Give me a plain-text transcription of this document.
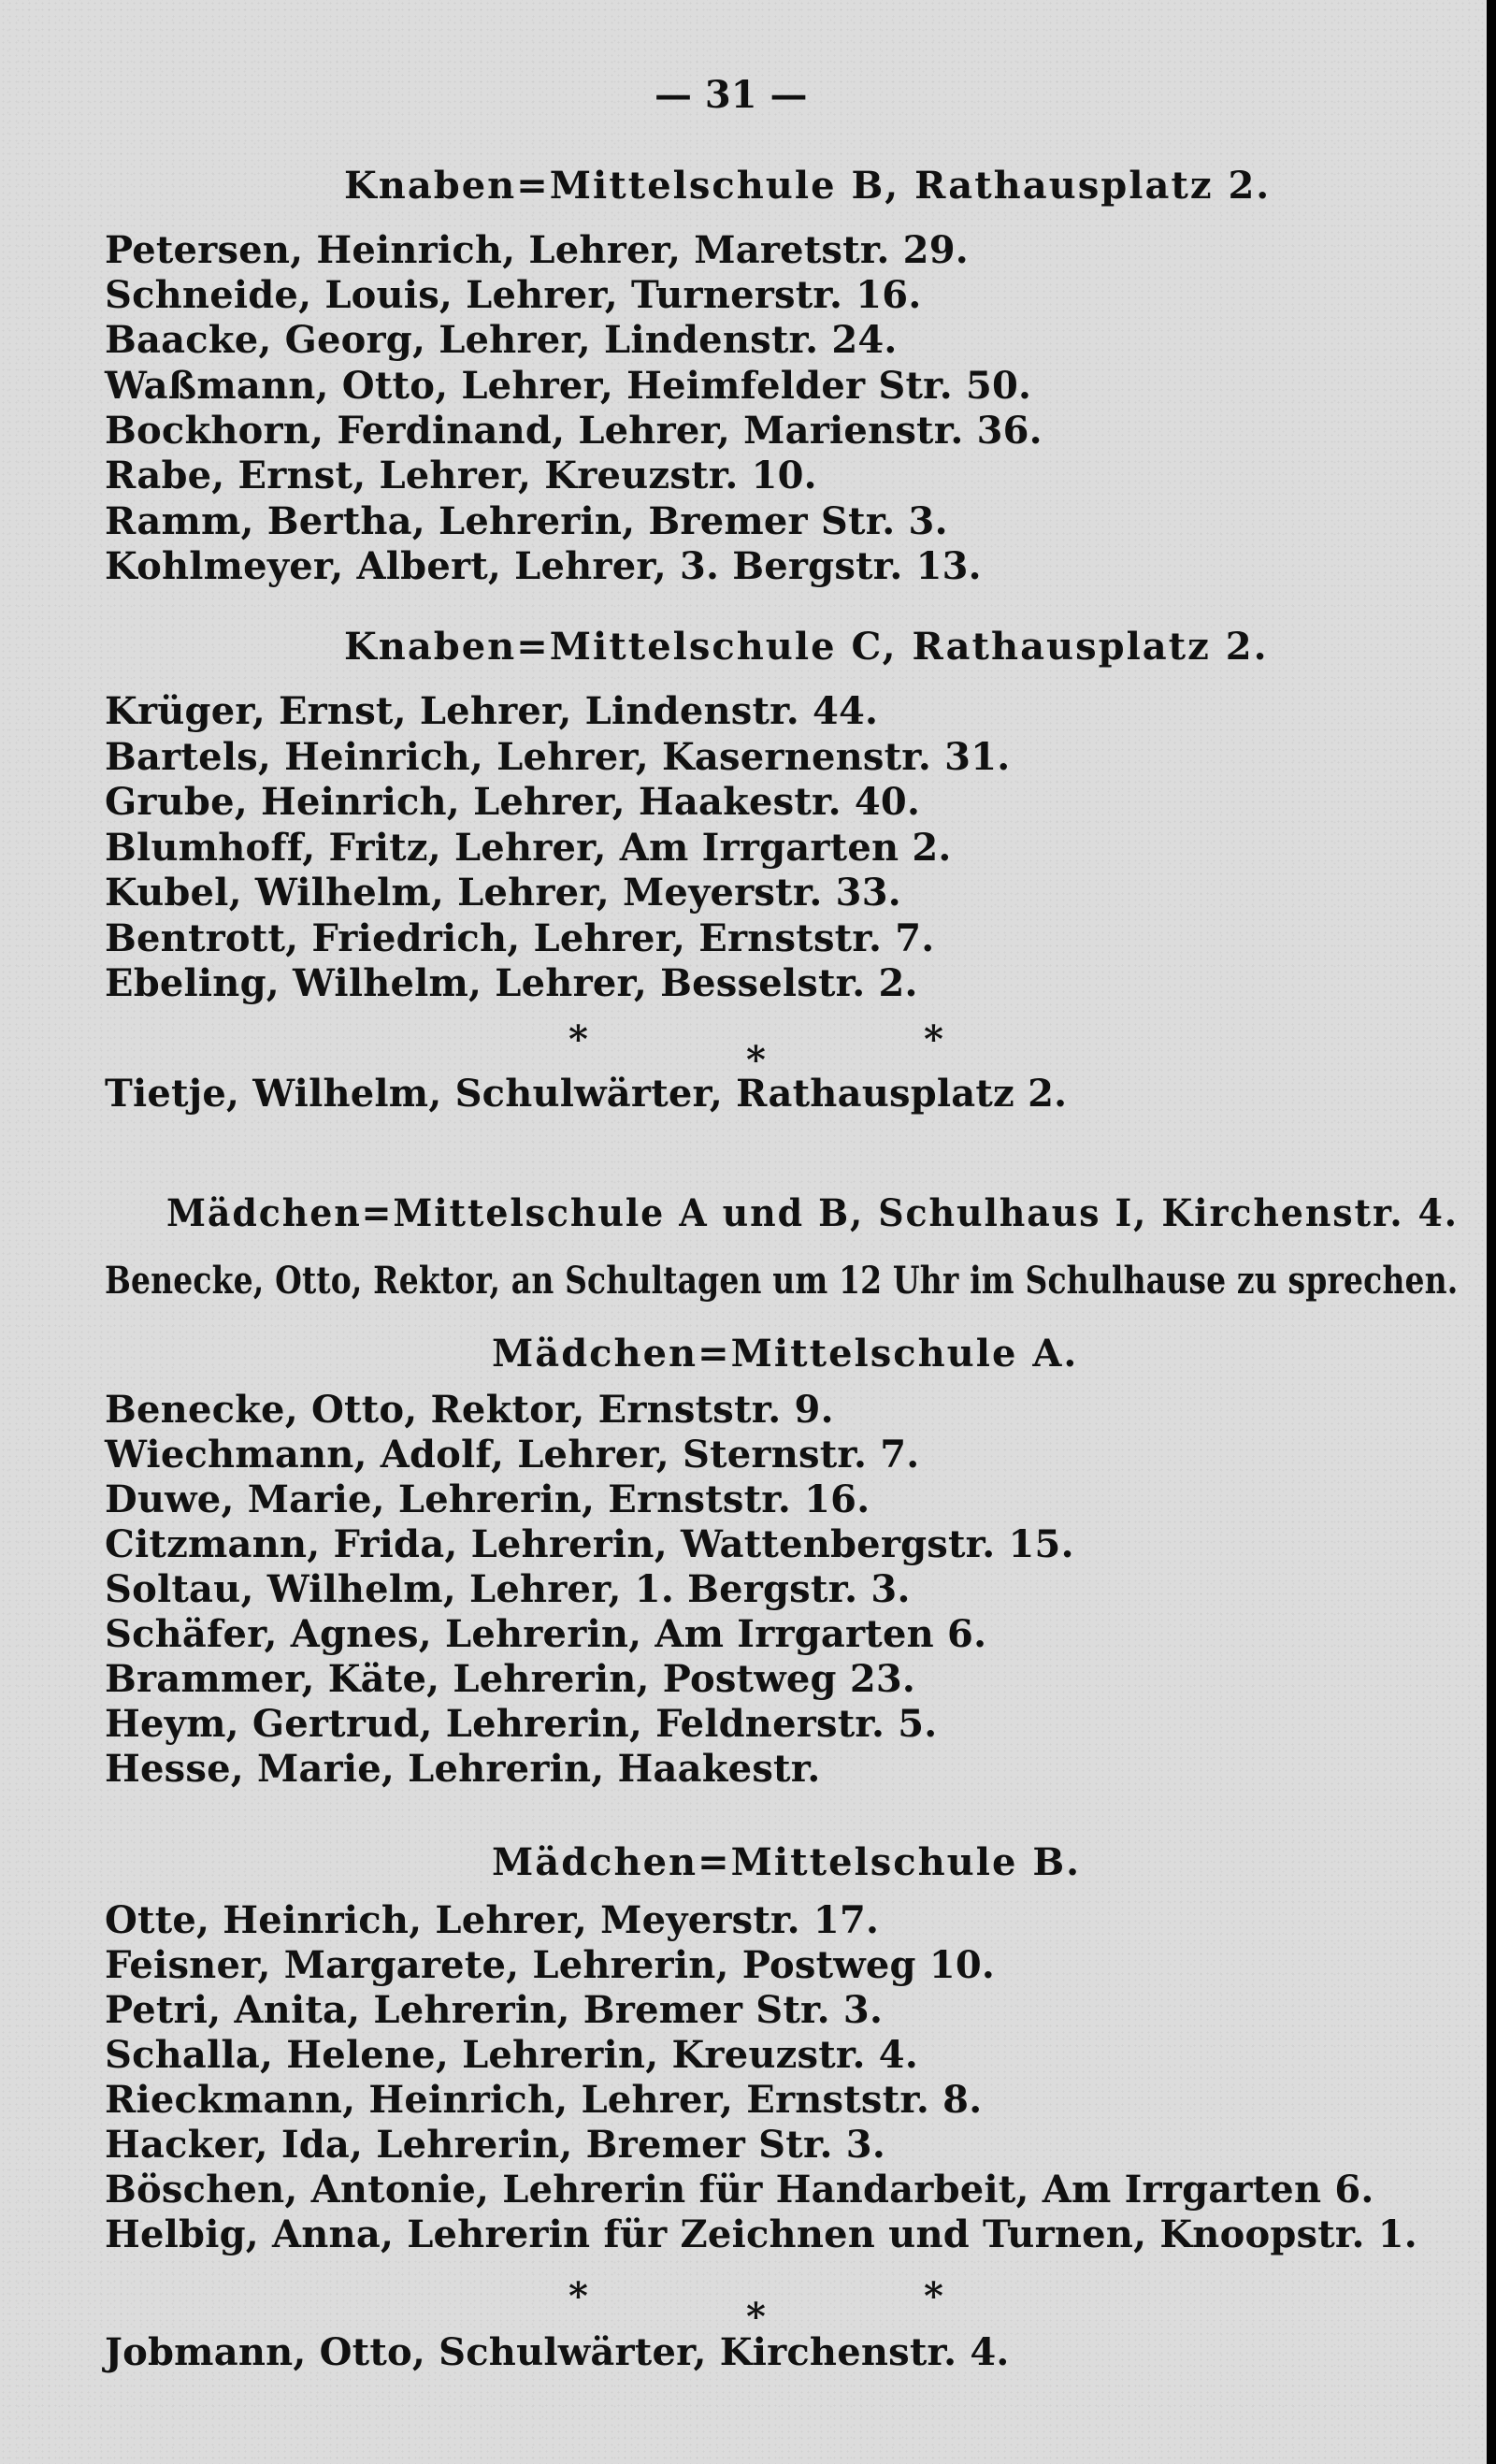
— 31 —
Knaben=Mittelschule B, Rathausplatz 2.
Petersen, Heinrich, Lehrer, Maretstr. 29.
Schneide, Louis, Lehrer, Turnerstr. 16.
Baacke, Georg, Lehrer, Lindenstr. 24.
Waßmann, Otto, Lehrer, Heimfelder Str. 50.
Bockhorn, Ferdinand, Lehrer, Marienstr. 36.
Rabe, Ernst, Lehrer, Kreuzstr. 10.
Ramm, Bertha, Lehrerin, Bremer Str. 3.
Kohlmeyer, Albert, Lehrer, 3. Bergstr. 13.
Knaben=Mittelschule C, Rathausplatz 2.
Krüger, Ernst, Lehrer, Lindenstr. 44.
Bartels, Heinrich, Lehrer, Kasernenstr. 31.
Grube, Heinrich, Lehrer, Haakestr. 40.
Blumhoff, Fritz, Lehrer, Am Irrgarten 2.
Kubel, Wilhelm, Lehrer, Meyerstr. 33.
Bentrott, Friedrich, Lehrer, Ernststr. 7.
Ebeling, Wilhelm, Lehrer, Besselstr. 2.
*	*	*
Tietje, Wilhelm, Schulwärter, Rathausplatz 2.
Mädchen=Mittelschule A und B, Schulhaus I, Kirchenstr. 4.
Benecke, Otto, Rektor, an Schultagen um 12 Uhr im Schulhause zu sprechen.
Mädchen=Mittelschule A.
Benecke, Otto, Rektor, Ernststr. 9.
Wiechmann, Adolf, Lehrer, Sternstr. 7.
Duwe, Marie, Lehrerin, Ernststr. 16.
Citzmann, Frida, Lehrerin, Wattenbergstr. 15.
Soltau, Wilhelm, Lehrer, 1. Bergstr. 3.
Schäfer, Agnes, Lehrerin, Am Irrgarten 6.
Brammer, Käte, Lehrerin, Postweg 23.
Heym, Gertrud, Lehrerin, Feldnerstr. 5.
Hesse, Marie, Lehrerin, Haakestr.
Mädchen=Mittelschule B.
Otte, Heinrich, Lehrer, Meyerstr. 17.
Feisner, Margarete, Lehrerin, Postweg 10.
Petri, Anita, Lehrerin, Bremer Str. 3.
Schalla, Helene, Lehrerin, Kreuzstr. 4.
Rieckmann, Heinrich, Lehrer, Ernststr. 8.
Hacker, Ida, Lehrerin, Bremer Str. 3.
Böschen, Antonie, Lehrerin für Handarbeit, Am Irrgarten 6.
Helbig, Anna, Lehrerin für Zeichnen und Turnen, Knoopstr. 1.
*	*	*
Jobmann, Otto, Schulwärter, Kirchenstr. 4.
